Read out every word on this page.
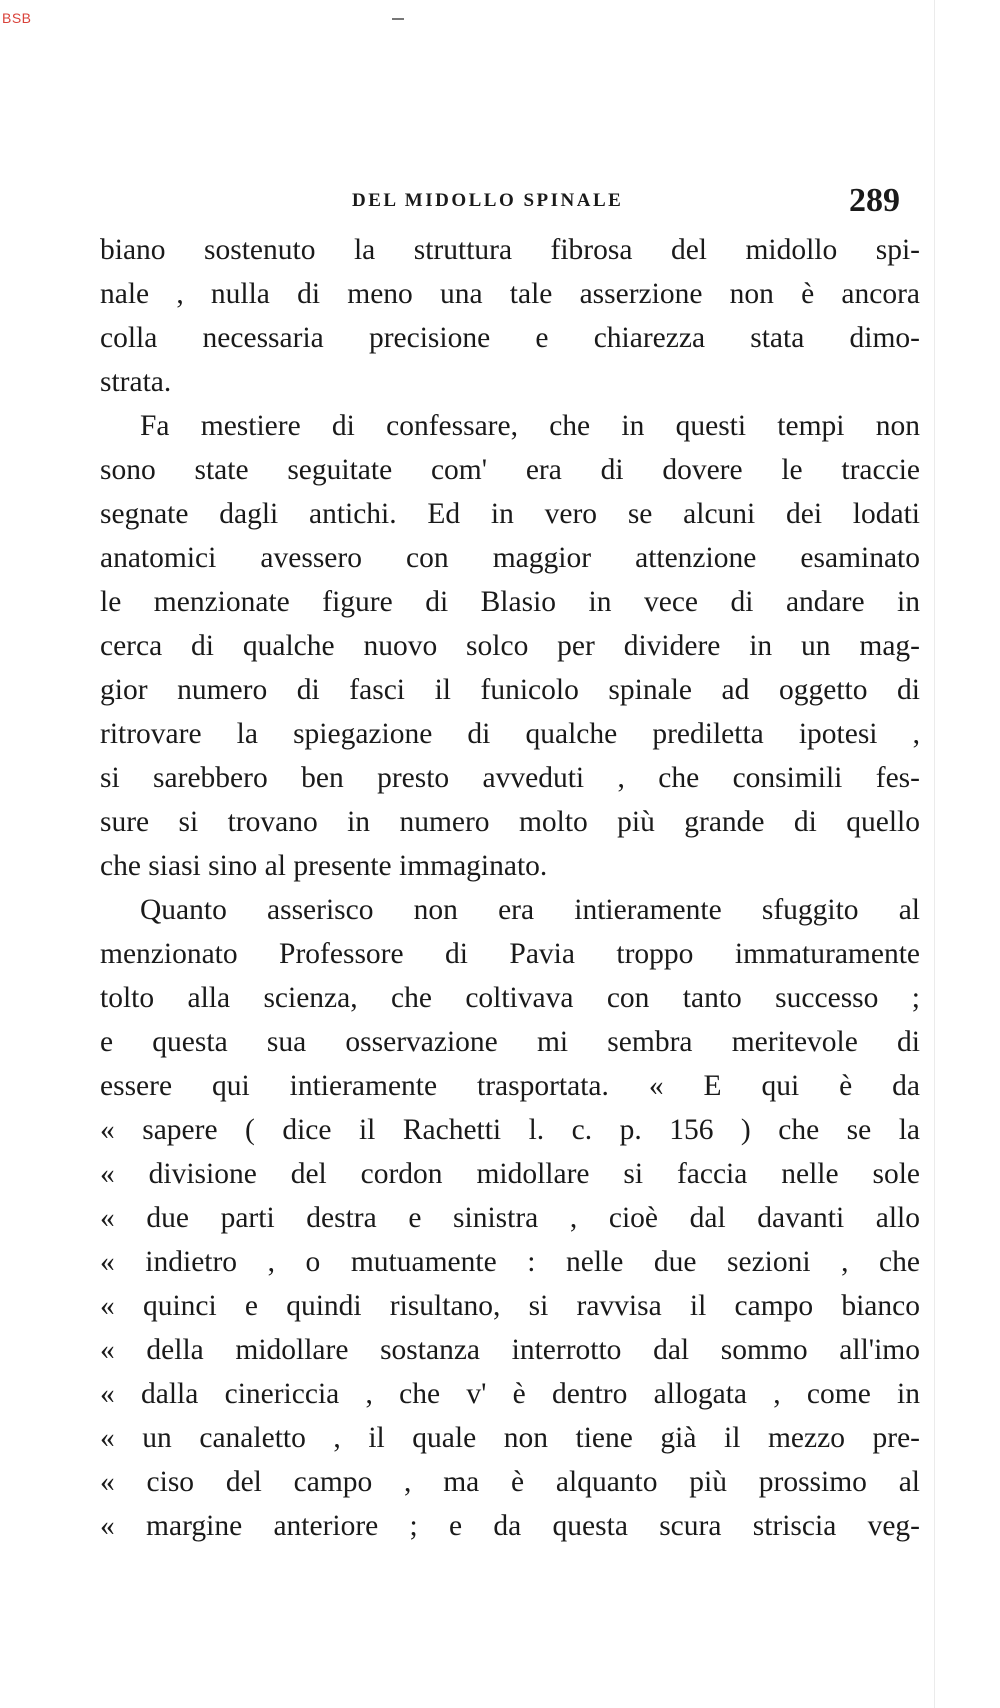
BSB
DEL MIDOLLO SPINALE	289
biano sostenuto la struttura fibrosa del midollo spi-
nale , nulla di meno una tale asserzione non è ancora
colla necessaria precisione e chiarezza stata dimo-
strata.
Fa mestiere di confessare, che in questi tempi non
sono state seguitate com' era di dovere le traccie
segnate dagli antichi. Ed in vero se alcuni dei lodati
anatomici avessero con maggior attenzione esaminato
le menzionate figure di Blasio in vece di andare in
cerca di qualche nuovo solco per dividere in un mag-
gior numero di fasci il funicolo spinale ad oggetto di
ritrovare la spiegazione di qualche prediletta ipotesi ,
si sarebbero ben presto avveduti , che consimili fes-
sure si trovano in numero molto più grande di quello
che siasi sino al presente immaginato.
Quanto asserisco non era intieramente sfuggito al
menzionato Professore di Pavia troppo immaturamente
tolto alla scienza, che coltivava con tanto successo ;
e questa sua osservazione mi sembra meritevole di
essere qui intieramente trasportata. « E qui è da
« sapere ( dice il Rachetti l. c. p. 156 ) che se la
« divisione del cordon midollare si faccia nelle sole
« due parti destra e sinistra , cioè dal davanti allo
« indietro , o mutuamente : nelle due sezioni , che
« quinci e quindi risultano, si ravvisa il campo bianco
« della midollare sostanza interrotto dal sommo all'imo
« dalla cinericcia , che v' è dentro allogata , come in
« un canaletto , il quale non tiene già il mezzo pre-
« ciso del campo , ma è alquanto più prossimo al
« margine anteriore ; e da questa scura striscia veg-
